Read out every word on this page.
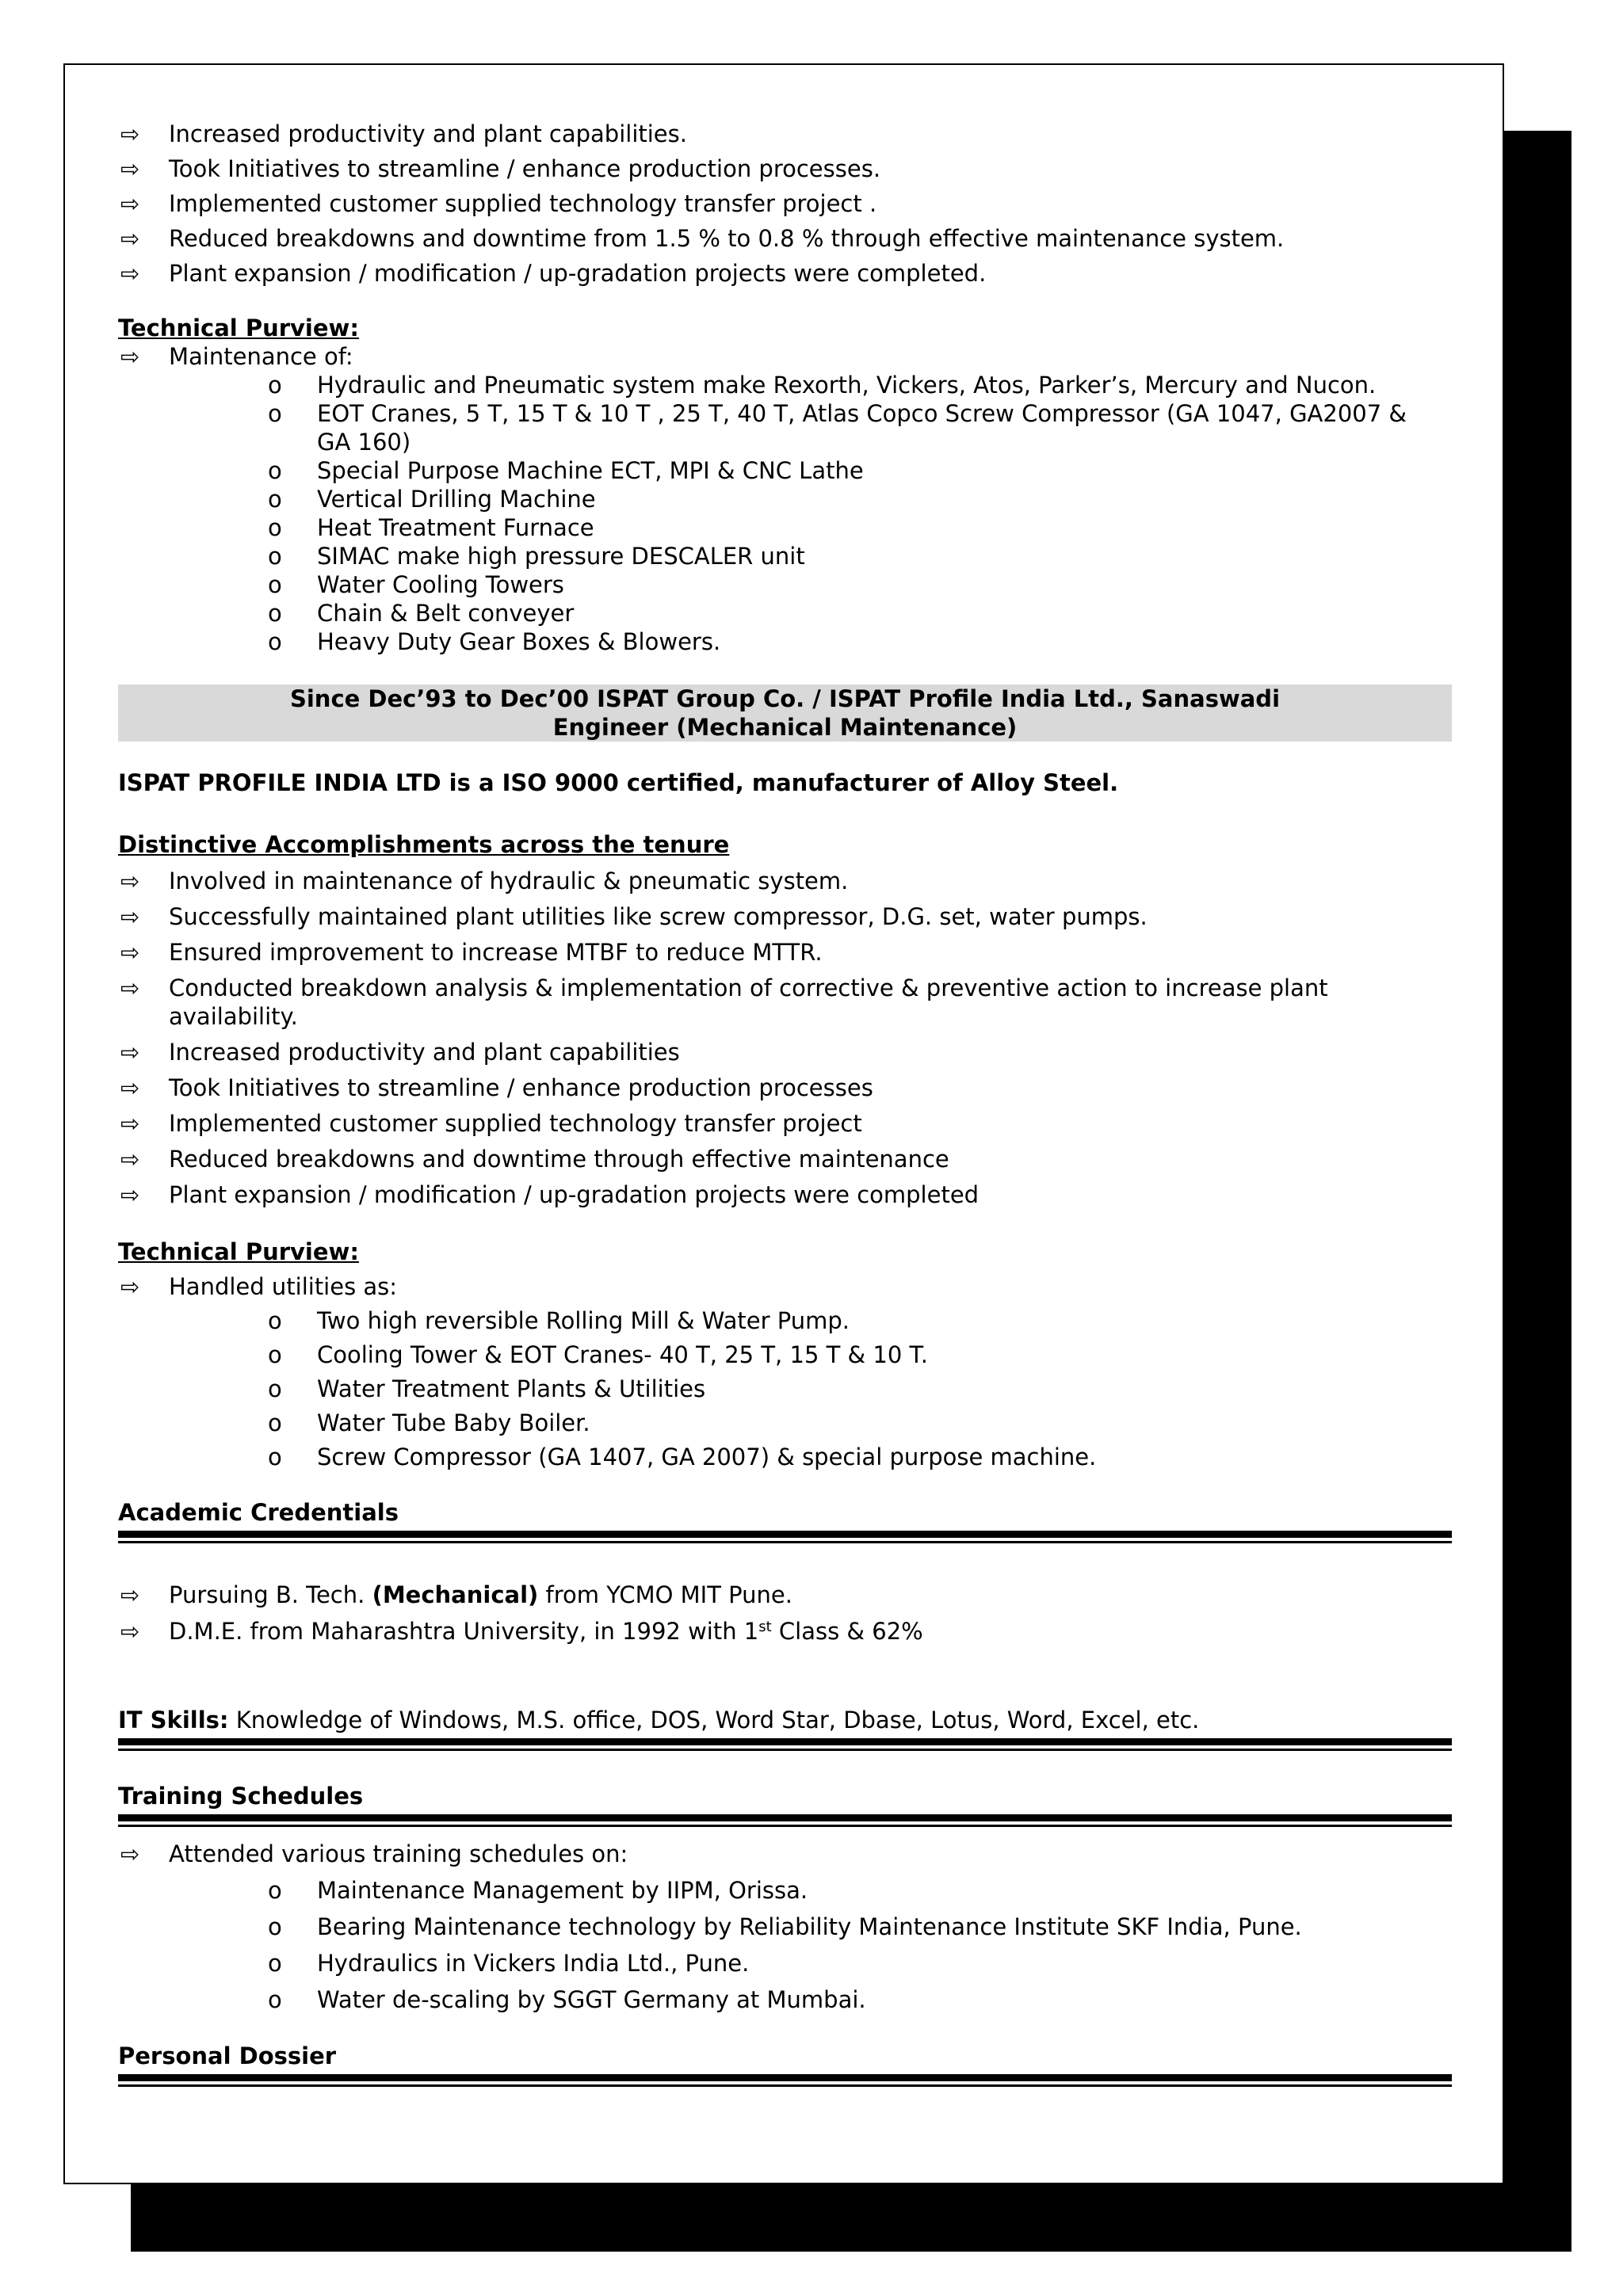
⇨ Increased productivity and plant capabilities.
⇨ Took Initiatives to streamline / enhance production processes.
⇨ Implemented customer supplied technology transfer project .
⇨ Reduced breakdowns and downtime from 1.5 % to 0.8 % through effective maintenance system.
⇨ Plant expansion / modification / up-gradation projects were completed.
Technical Purview:
⇨ Maintenance of:
o Hydraulic and Pneumatic system make Rexorth, Vickers, Atos, Parker’s, Mercury and Nucon.
o EOT Cranes, 5 T, 15 T & 10 T , 25 T, 40 T, Atlas Copco Screw Compressor (GA 1047, GA2007 &
GA 160)
o Special Purpose Machine ECT, MPI & CNC Lathe
o Vertical Drilling Machine
o Heat Treatment Furnace
o SIMAC make high pressure DESCALER unit
o Water Cooling Towers
o Chain & Belt conveyer
o Heavy Duty Gear Boxes & Blowers.
Since Dec’93 to Dec’00 ISPAT Group Co. / ISPAT Profile India Ltd., Sanaswadi
Engineer (Mechanical Maintenance)
ISPAT PROFILE INDIA LTD is a ISO 9000 certified, manufacturer of Alloy Steel.
Distinctive Accomplishments across the tenure
⇨ Involved in maintenance of hydraulic & pneumatic system.
⇨ Successfully maintained plant utilities like screw compressor, D.G. set, water pumps.
⇨ Ensured improvement to increase MTBF to reduce MTTR.
⇨ Conducted breakdown analysis & implementation of corrective & preventive action to increase plant
availability.
⇨ Increased productivity and plant capabilities
⇨ Took Initiatives to streamline / enhance production processes
⇨ Implemented customer supplied technology transfer project
⇨ Reduced breakdowns and downtime through effective maintenance
⇨ Plant expansion / modification / up-gradation projects were completed
Technical Purview:
⇨ Handled utilities as:
o Two high reversible Rolling Mill & Water Pump.
o Cooling Tower & EOT Cranes- 40 T, 25 T, 15 T & 10 T.
o Water Treatment Plants & Utilities
o Water Tube Baby Boiler.
o Screw Compressor (GA 1407, GA 2007) & special purpose machine.
Academic Credentials
⇨ Pursuing B. Tech. (Mechanical) from YCMO MIT Pune.
⇨ D.M.E. from Maharashtra University, in 1992 with 1st Class & 62%
IT Skills: Knowledge of Windows, M.S. office, DOS, Word Star, Dbase, Lotus, Word, Excel, etc.
Training Schedules
⇨ Attended various training schedules on:
o Maintenance Management by IIPM, Orissa.
o Bearing Maintenance technology by Reliability Maintenance Institute SKF India, Pune.
o Hydraulics in Vickers India Ltd., Pune.
o Water de-scaling by SGGT Germany at Mumbai.
Personal Dossier
